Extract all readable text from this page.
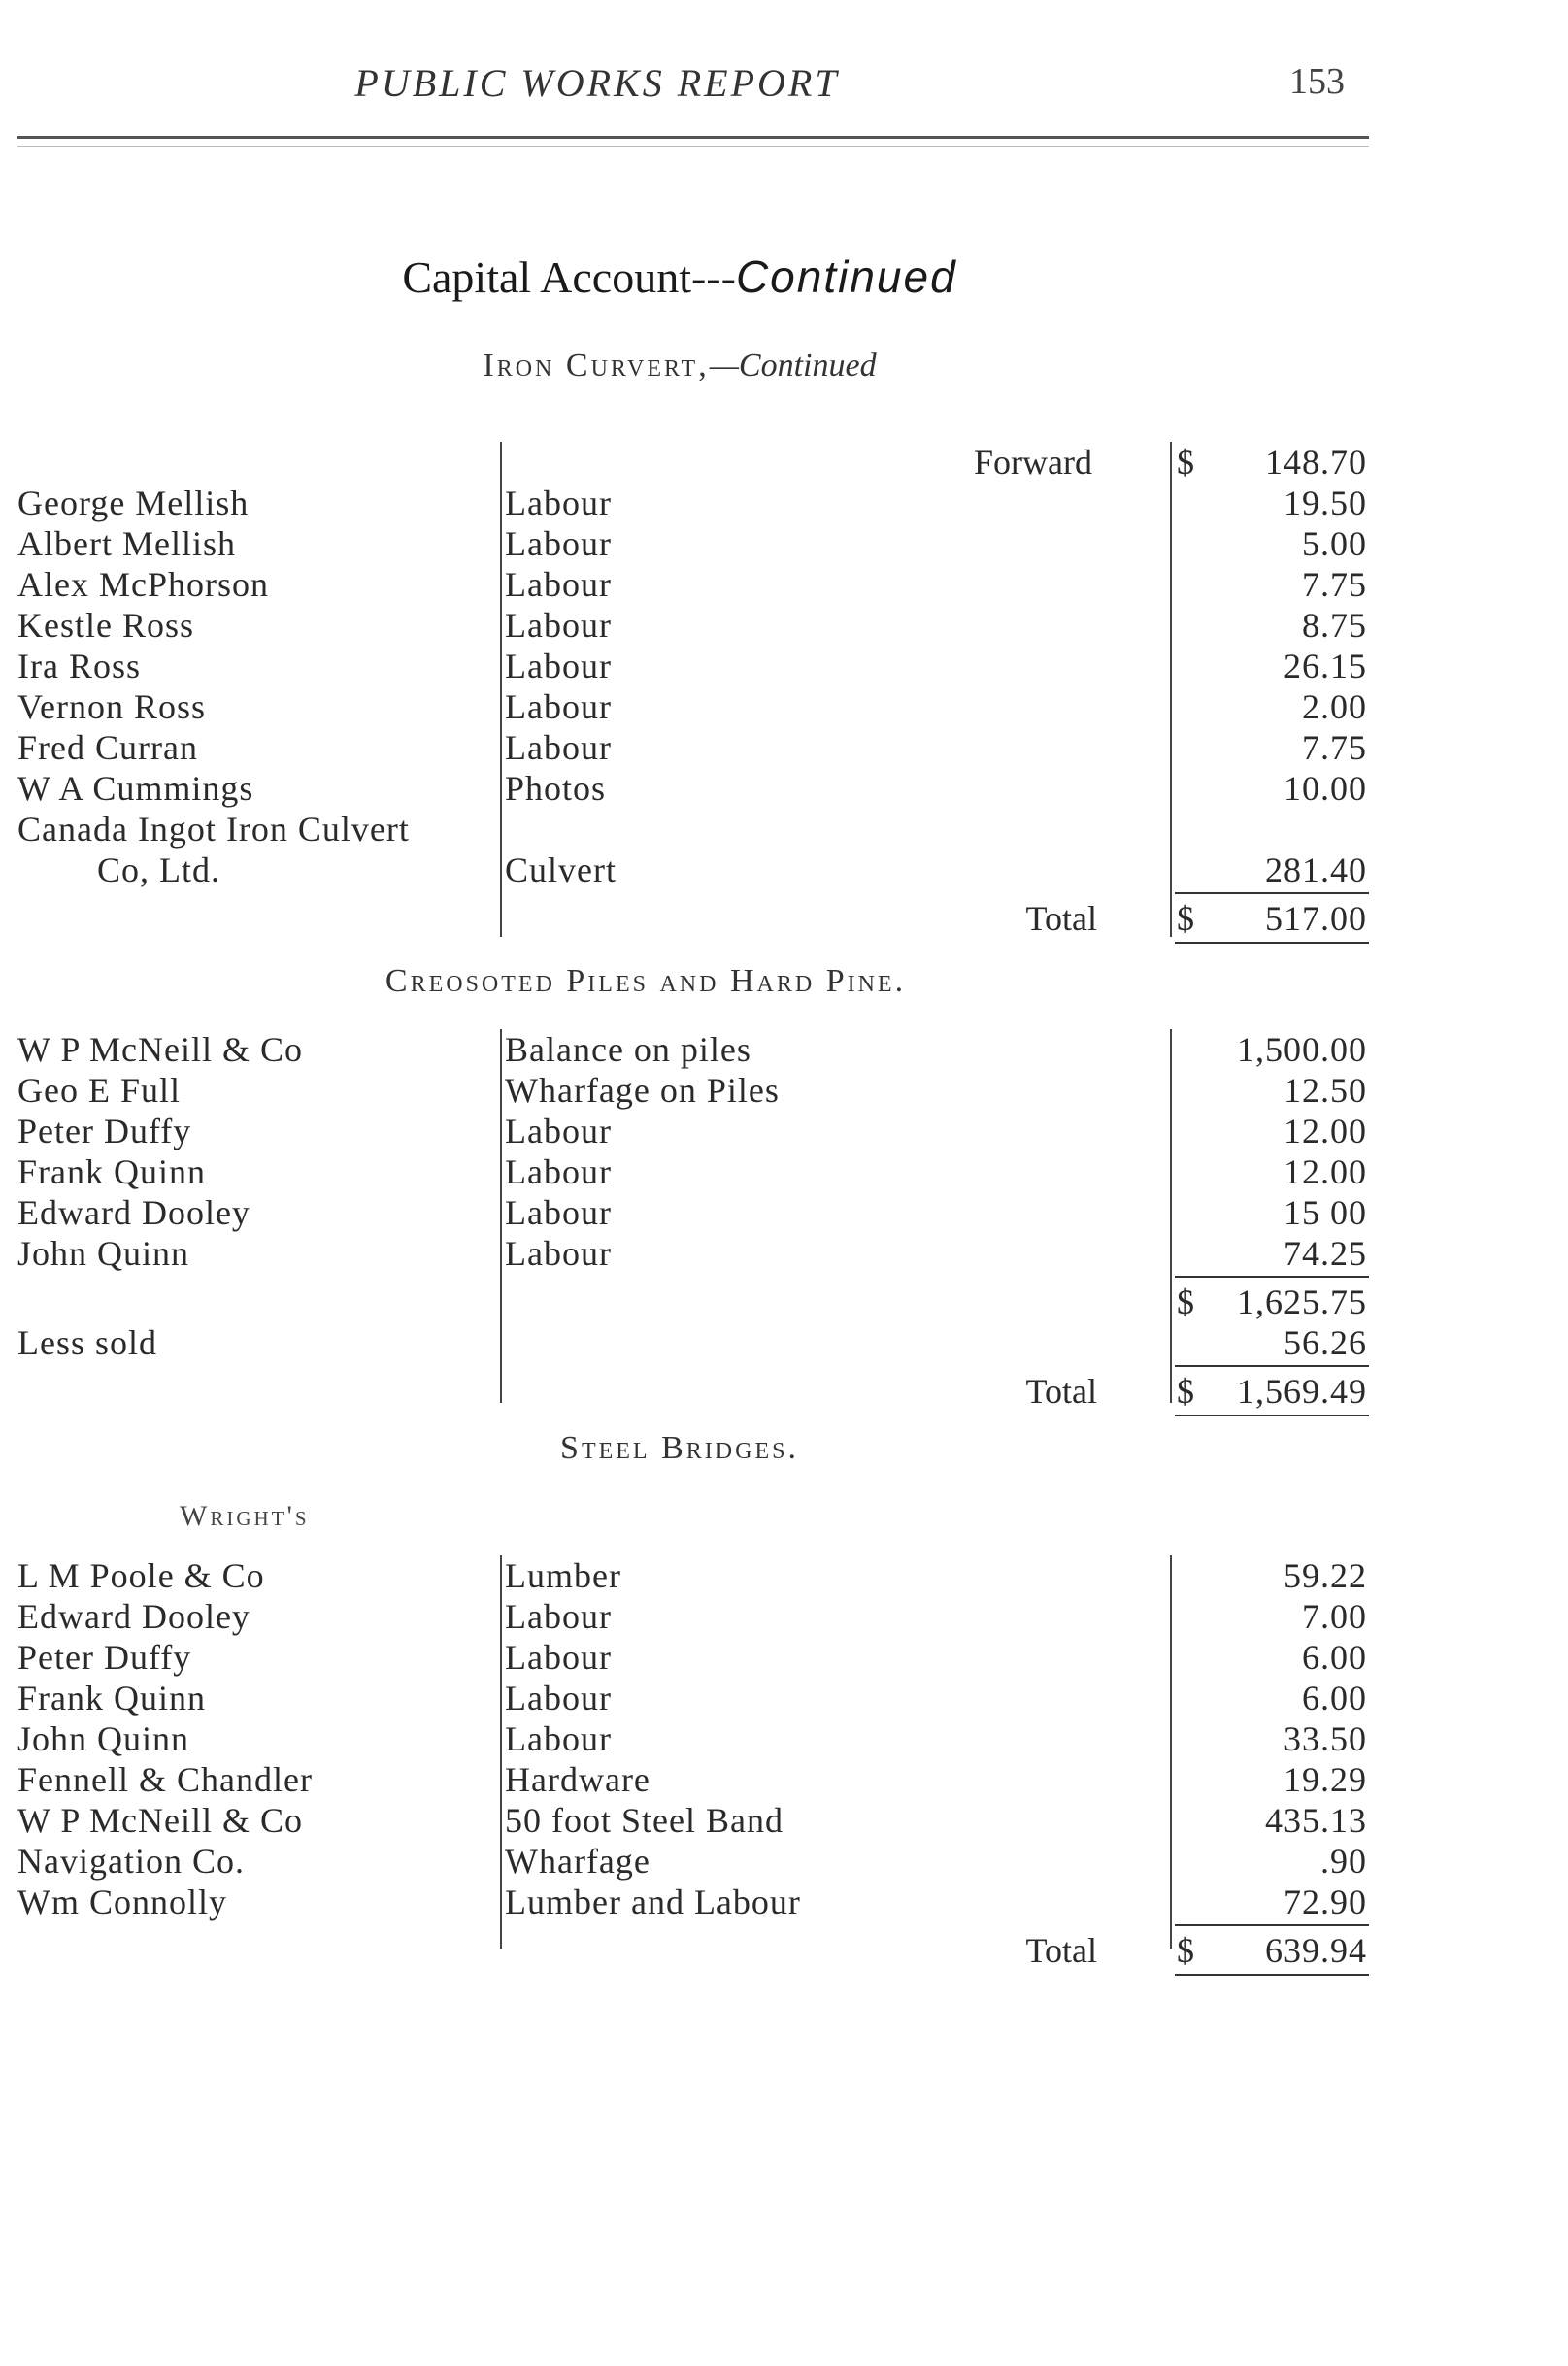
PUBLIC WORKS REPORT	153
Capital Account---Continued
Iron Curvert,—Continued
Forward $	148.70
George Mellish	Labour	19.50
Albert Mellish	Labour	5.00
Alex McPhorson	Labour	7.75
Kestle Ross	Labour	8.75
Ira Ross	Labour	26.15
Vernon Ross	Labour	2.00
Fred Curran	Labour	7.75
W A Cummings	Photos	10.00
Canada Ingot Iron Culvert
Co, Ltd.	Culvert	281.40
Total $	517.00
Creosoted Piles and Hard Pine.
W P McNeill & Co	Balance on piles	1,500.00
Geo E Full	Wharfage on Piles	12.50
Peter Duffy	Labour	12.00
Frank Quinn	Labour	12.00
Edward Dooley	Labour	15 00
John Quinn	Labour	74.25
$	1,625.75
Less sold	56.26
Total $	1,569.49
Steel Bridges.
Wright's
L M Poole & Co	Lumber	59.22
Edward Dooley	Labour	7.00
Peter Duffy	Labour	6.00
Frank Quinn	Labour	6.00
John Quinn	Labour	33.50
Fennell & Chandler	Hardware	19.29
W P McNeill & Co	50 foot Steel Band	435.13
Navigation Co.	Wharfage	.90
Wm Connolly	Lumber and Labour	72.90
Total $	639.94
